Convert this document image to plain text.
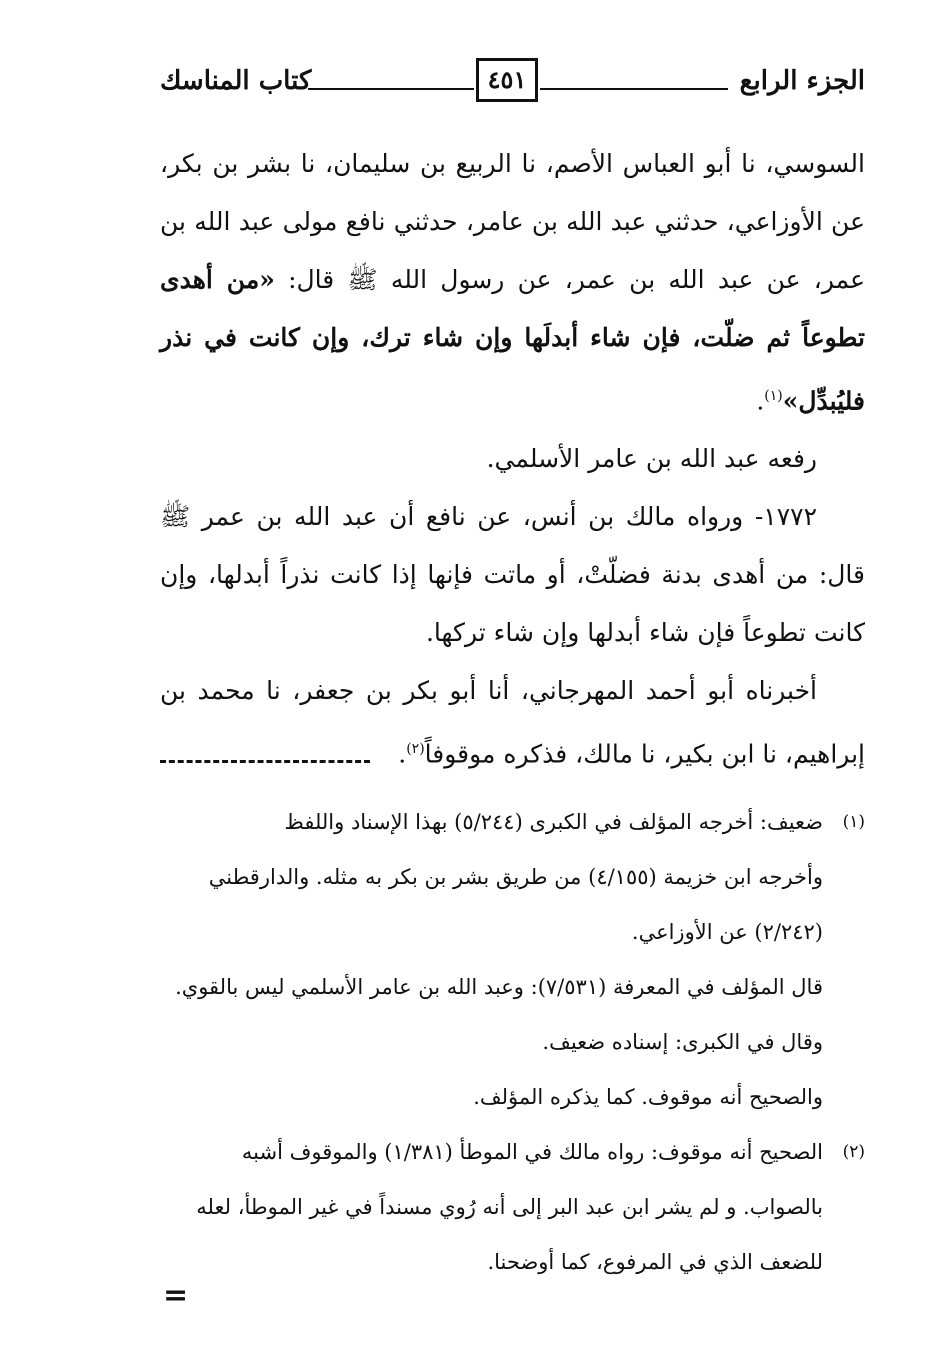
الجزء الرابع
٤٥١
كتاب المناسك

السوسي، نا أبو العباس الأصم، نا الربيع بن سليمان، نا بشر بن بكر، عن الأوزاعي، حدثني عبد الله بن عامر، حدثني نافع مولى عبد الله بن عمر، عن عبد الله بن عمر، عن رسول الله ﷺ قال: «من أهدى تطوعاً ثم ضلّت، فإن شاء أبدلَها وإن شاء ترك، وإن كانت في نذر فليُبدِّل»$^{(١)}$.

رفعه عبد الله بن عامر الأسلمي.

١٧٧٢- ورواه مالك بن أنس، عن نافع أن عبد الله بن عمر ﷺ قال: من أهدى بدنة فضلّتْ، أو ماتت فإنها إذا كانت نذراً أبدلها، وإن كانت تطوعاً فإن شاء أبدلها وإن شاء تركها.

أخبرناه أبو أحمد المهرجاني، أنا أبو بكر بن جعفر، نا محمد بن إبراهيم، نا ابن بكير، نا مالك، فذكره موقوفاً$^{(٢)}$.

(١)
ضعيف: أخرجه المؤلف في الكبرى (٥/٢٤٤) بهذا الإسناد واللفظ
وأخرجه ابن خزيمة (٤/١٥٥) من طريق بشر بن بكر به مثله. والدارقطني
(٢/٢٤٢) عن الأوزاعي.
قال المؤلف في المعرفة (٧/٥٣١): وعبد الله بن عامر الأسلمي ليس بالقوي.
وقال في الكبرى: إسناده ضعيف.
والصحيح أنه موقوف. كما يذكره المؤلف.
(٢)
الصحيح أنه موقوف: رواه مالك في الموطأ (١/٣٨١) والموقوف أشبه
بالصواب. و لم يشر ابن عبد البر إلى أنه رُوي مسنداً في غير الموطأ، لعله
للضعف الذي في المرفوع، كما أوضحنا.
=
